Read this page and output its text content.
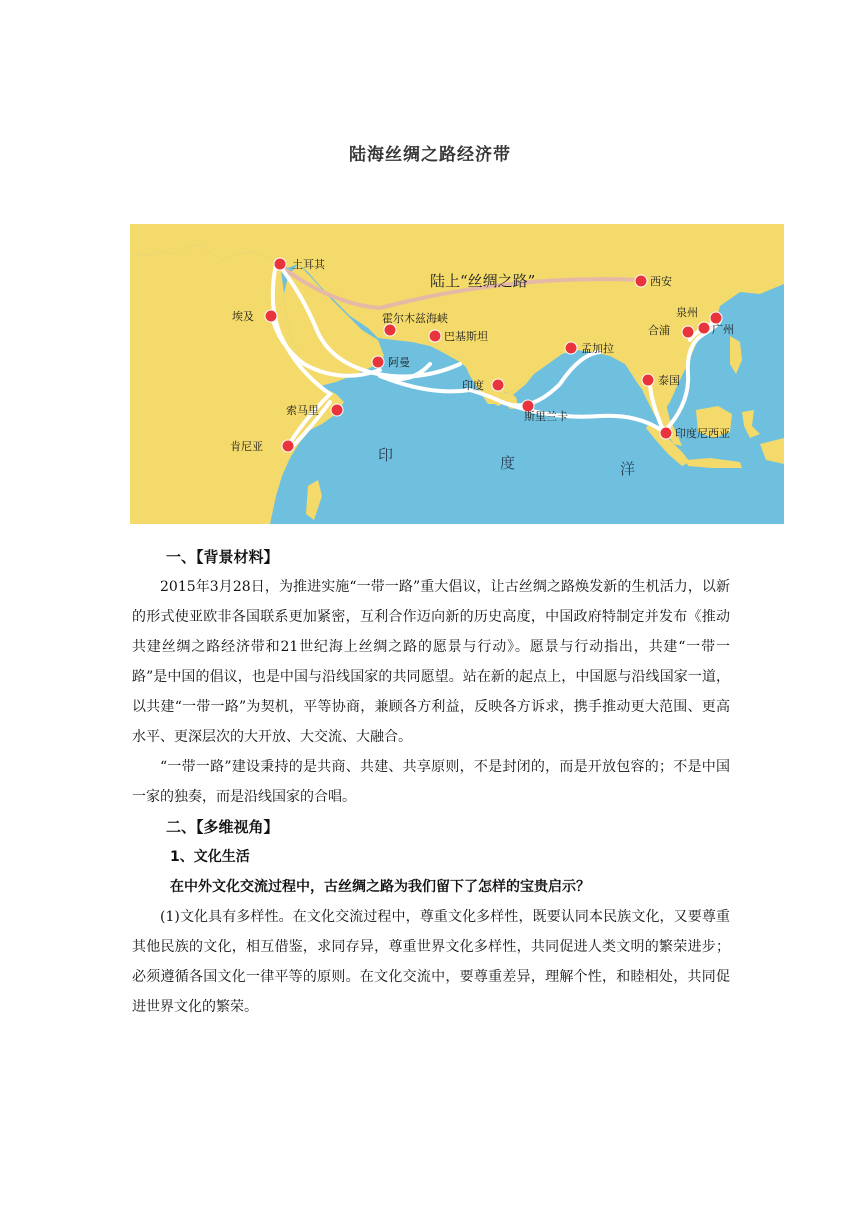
陆海丝绸之路经济带
土耳其
西安
埃及	霍尔木兹海峡
巴基斯坦
泉州
合浦	广州
阿曼
孟加拉
泰国
印度
索马里	斯里兰卡
印度尼西亚
肯尼亚
陆上“丝绸之路”
印	度	洋

一、【背景材料】

2015年3月28日，为推进实施“一带一路”重大倡议，让古丝绸之路焕发新的生机活力，以新的形式使亚欧非各国联系更加紧密，互利合作迈向新的历史高度，中国政府特制定并发布《推动共建丝绸之路经济带和21世纪海上丝绸之路的愿景与行动》。愿景与行动指出，共建“一带一路”是中国的倡议，也是中国与沿线国家的共同愿望。站在新的起点上，中国愿与沿线国家一道，以共建“一带一路”为契机，平等协商，兼顾各方利益，反映各方诉求，携手推动更大范围、更高水平、更深层次的大开放、大交流、大融合。

“一带一路”建设秉持的是共商、共建、共享原则，不是封闭的，而是开放包容的；不是中国一家的独奏，而是沿线国家的合唱。

二、【多维视角】

1、文化生活

在中外文化交流过程中，古丝绸之路为我们留下了怎样的宝贵启示？

(1)文化具有多样性。在文化交流过程中，尊重文化多样性，既要认同本民族文化，又要尊重其他民族的文化，相互借鉴，求同存异，尊重世界文化多样性，共同促进人类文明的繁荣进步；必须遵循各国文化一律平等的原则。在文化交流中，要尊重差异，理解个性，和睦相处，共同促进世界文化的繁荣。
